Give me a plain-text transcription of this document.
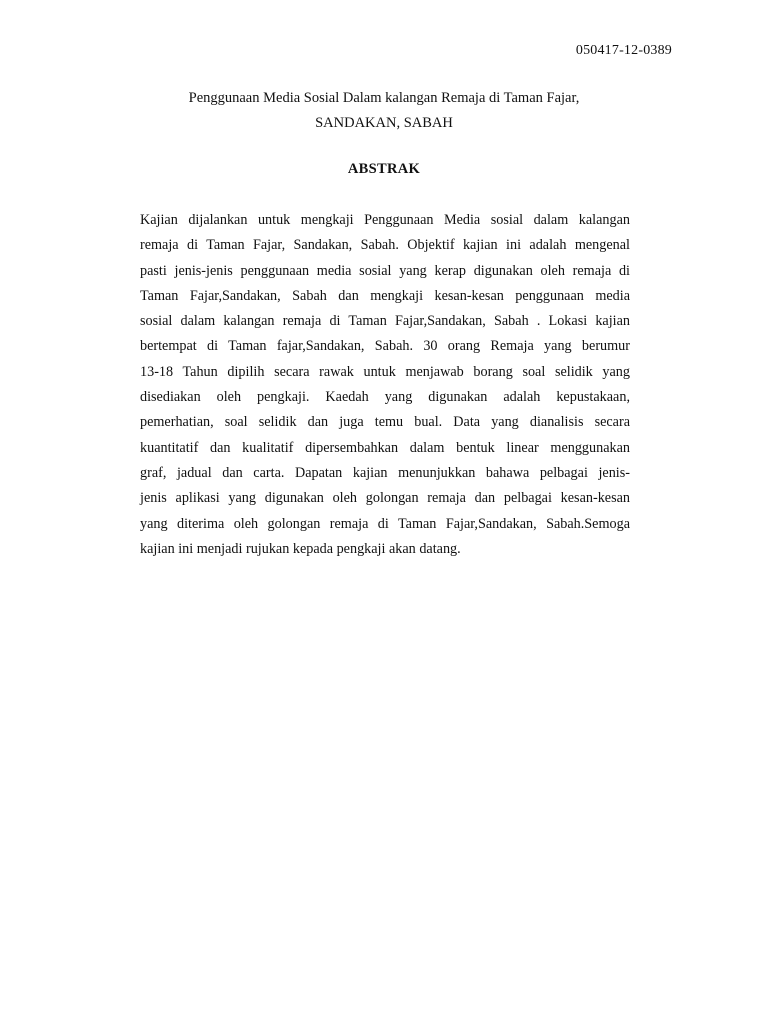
050417-12-0389
Penggunaan Media Sosial Dalam kalangan Remaja di Taman Fajar,
SANDAKAN, SABAH
ABSTRAK

Kajian dijalankan untuk mengkaji Penggunaan Media sosial dalam kalangan
remaja di Taman Fajar, Sandakan, Sabah. Objektif kajian ini adalah mengenal
pasti jenis-jenis penggunaan media sosial yang kerap digunakan oleh remaja di
Taman Fajar,Sandakan, Sabah dan mengkaji kesan-kesan penggunaan media
sosial dalam kalangan remaja di Taman Fajar,Sandakan, Sabah . Lokasi kajian
bertempat di Taman fajar,Sandakan, Sabah. 30 orang Remaja yang berumur
13-18 Tahun dipilih secara rawak untuk menjawab borang soal selidik yang
disediakan oleh pengkaji. Kaedah yang digunakan adalah kepustakaan,
pemerhatian, soal selidik dan juga temu bual. Data yang dianalisis secara
kuantitatif dan kualitatif dipersembahkan dalam bentuk linear menggunakan
graf, jadual dan carta. Dapatan kajian menunjukkan bahawa pelbagai jenis-
jenis aplikasi yang digunakan oleh golongan remaja dan pelbagai kesan-kesan
yang diterima oleh golongan remaja di Taman Fajar,Sandakan, Sabah.Semoga
kajian ini menjadi rujukan kepada pengkaji akan datang.
